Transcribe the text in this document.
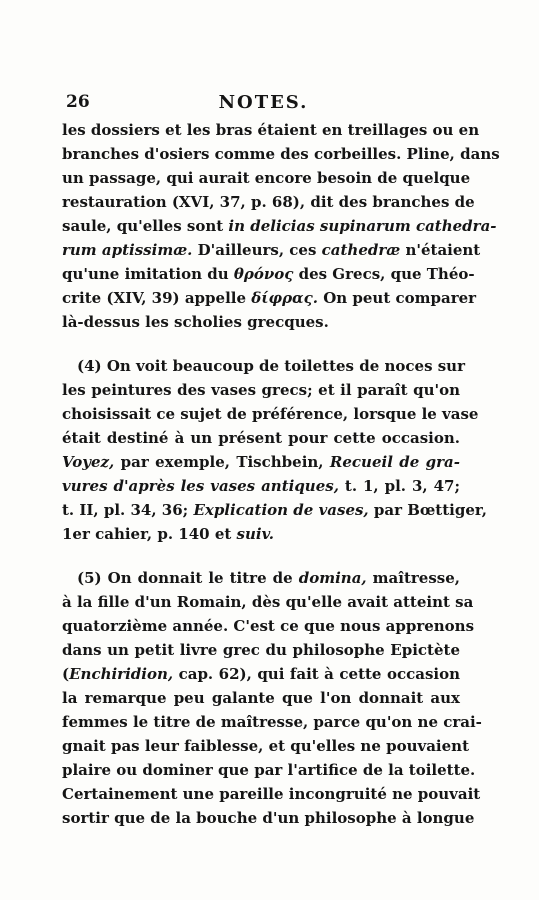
26	NOTES.
les dossiers et les bras étaient en treillages ou en
branches d'osiers comme des corbeilles. Pline, dans
un passage, qui aurait encore besoin de quelque
restauration (XVI, 37, p. 68), dit des branches de
saule, qu'elles sont in delicias supinarum cathedra-
rum aptissimæ. D'ailleurs, ces cathedræ n'étaient
qu'une imitation du θρόνος des Grecs, que Théo-
crite (XIV, 39) appelle δίφρας. On peut comparer
là-dessus les scholies grecques.
(4) On voit beaucoup de toilettes de noces sur
les peintures des vases grecs; et il paraît qu'on
choisissait ce sujet de préférence, lorsque le vase
était destiné à un présent pour cette occasion.
Voyez, par exemple, Tischbein, Recueil de gra-
vures d'après les vases antiques, t. 1, pl. 3, 47;
t. II, pl. 34, 36; Explication de vases, par Bœttiger,
1er cahier, p. 140 et suiv.
(5) On donnait le titre de domina, maîtresse,
à la fille d'un Romain, dès qu'elle avait atteint sa
quatorzième année. C'est ce que nous apprenons
dans un petit livre grec du philosophe Epictète
(Enchiridion, cap. 62), qui fait à cette occasion
la remarque peu galante que l'on donnait aux
femmes le titre de maîtresse, parce qu'on ne crai-
gnait pas leur faiblesse, et qu'elles ne pouvaient
plaire ou dominer que par l'artifice de la toilette.
Certainement une pareille incongruité ne pouvait
sortir que de la bouche d'un philosophe à longue
